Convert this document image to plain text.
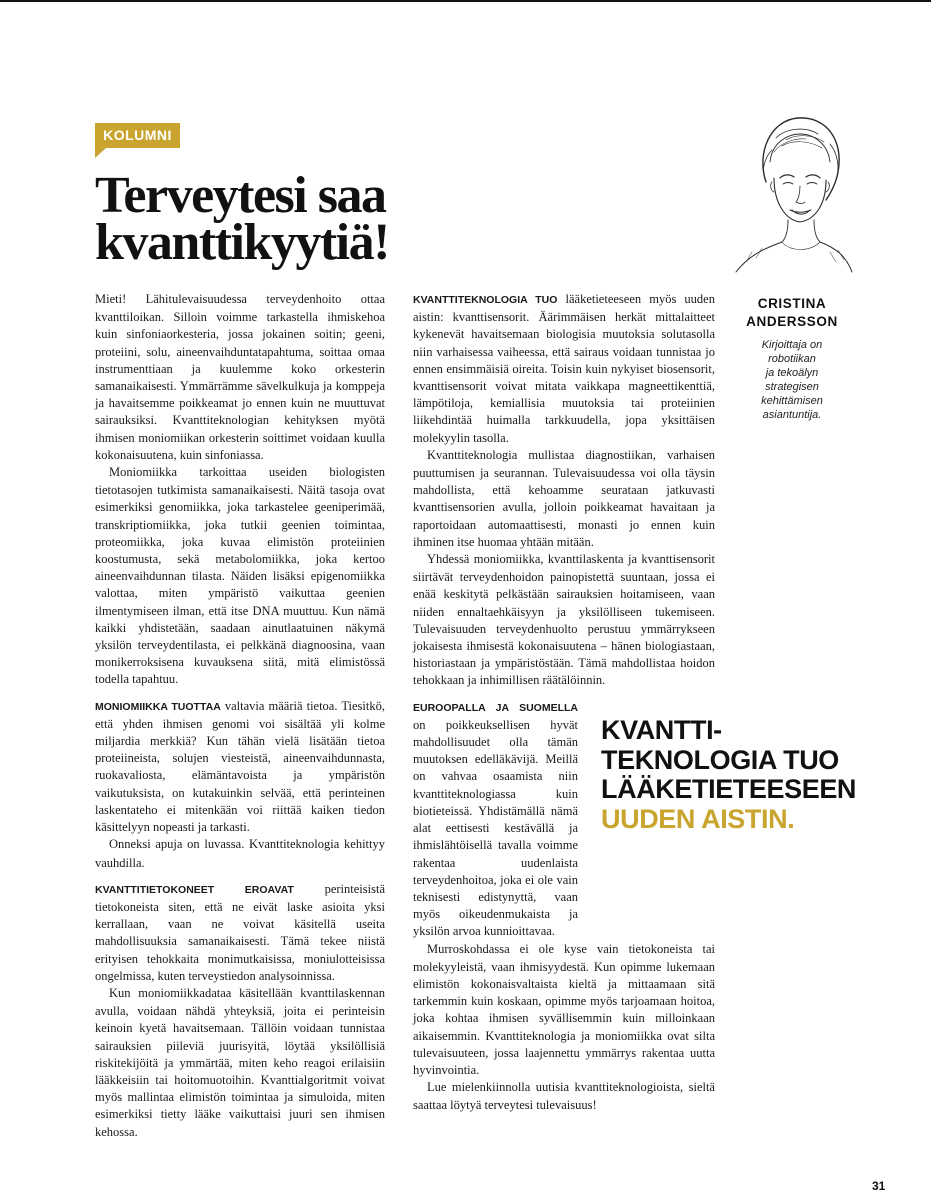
KOLUMNI
Terveytesi saa
kvanttikyytiä!
CRISTINA
ANDERSSON
Kirjoittaja on
robotiikan
ja tekoälyn
strategisen
kehittämisen
asiantuntija.

Mieti! Lähitulevaisuudessa terveydenhoito ottaa kvanttiloikan. Silloin voimme tarkastella ihmiskehoa kuin sinfoniaorkesteria, jossa jokainen soitin; geeni, proteiini, solu, aineenvaihduntatapahtuma, soittaa omaa instrumenttiaan ja kuulemme koko orkesterin samanaikaisesti. Ymmärrämme sävelkulkuja ja komppeja ja havaitsemme poikkeamat jo ennen kuin ne muuttuvat sairauksiksi. Kvanttiteknologian kehityksen myötä ihmisen moniomiikan orkesterin soittimet voidaan kuulla kokonaisuutena, kuin sinfoniassa.

Moniomiikka tarkoittaa useiden biologisten tietotasojen tutkimista samanaikaisesti. Näitä tasoja ovat esimerkiksi genomiikka, joka tarkastelee geeniperimää, transkriptiomiikka, joka tutkii geenien toimintaa, proteomiikka, joka kuvaa elimistön proteiinien koostumusta, sekä metabolomiikka, joka kertoo aineenvaihdunnan tilasta. Näiden lisäksi epigenomiikka valottaa, miten ympäristö vaikuttaa geenien ilmentymiseen ilman, että itse DNA muuttuu. Kun nämä kaikki yhdistetään, saadaan ainutlaatuinen näkymä yksilön terveydentilasta, ei pelkkänä diagnoosina, vaan monikerroksisena kuvauksena siitä, mitä elimistössä todella tapahtuu.

MONIOMIIKKA TUOTTAA valtavia määriä tietoa. Tiesitkö, että yhden ihmisen genomi voi sisältää yli kolme miljardia merkkiä? Kun tähän vielä lisätään tietoa proteiineista, solujen viesteistä, aineenvaihdunnasta, ruokavaliosta, elämäntavoista ja ympäristön vaikutuksista, on kutakuinkin selvää, että perinteinen laskentateho ei mitenkään voi riittää kaiken tiedon käsittelyyn nopeasti ja tarkasti.

Onneksi apuja on luvassa. Kvanttiteknologia kehittyy vauhdilla.

KVANTTITIETOKONEET EROAVAT perinteisistä tietokoneista siten, että ne eivät laske asioita yksi kerrallaan, vaan ne voivat käsitellä useita mahdollisuuksia samanaikaisesti. Tämä tekee niistä erityisen tehokkaita monimutkaisissa, moniulotteisissa ongelmissa, kuten terveystiedon analysoinnissa.

Kun moniomiikkadataa käsitellään kvanttilaskennan avulla, voidaan nähdä yhteyksiä, joita ei perinteisin keinoin kyetä havaitsemaan. Tällöin voidaan tunnistaa sairauksien piileviä juurisyitä, löytää yksilöllisiä riskitekijöitä ja ymmärtää, miten keho reagoi erilaisiin lääkkeisiin tai hoitomuotoihin. Kvanttialgoritmit voivat myös mallintaa elimistön toimintaa ja simuloida, miten esimerkiksi tietty lääke vaikuttaisi juuri sen ihmisen kehossa.

KVANTTITEKNOLOGIA TUO lääketieteeseen myös uuden aistin: kvanttisensorit. Äärimmäisen herkät mittalaitteet kykenevät havaitsemaan biologisia muutoksia solutasolla niin varhaisessa vaiheessa, että sairaus voidaan tunnistaa jo ennen ensimmäisiä oireita. Toisin kuin nykyiset biosensorit, kvanttisensorit voivat mitata vaikkapa magneettikenttiä, lämpötiloja, kemiallisia muutoksia tai proteiinien liikehdintää huimalla tarkkuudella, jopa yksittäisen molekyylin tasolla.

Kvanttiteknologia mullistaa diagnostiikan, varhaisen puuttumisen ja seurannan. Tulevaisuudessa voi olla täysin mahdollista, että kehoamme seurataan jatkuvasti kvanttisensorien avulla, jolloin poikkeamat havaitaan ja raportoidaan automaattisesti, monasti jo ennen kuin ihminen itse huomaa yhtään mitään.

Yhdessä moniomiikka, kvanttilaskenta ja kvanttisensorit siirtävät terveydenhoidon painopistettä suuntaan, jossa ei enää keskitytä pelkästään sairauksien hoitamiseen, vaan niiden ennaltaehkäisyyn ja yksilölliseen tukemiseen. Tulevaisuuden terveydenhuolto perustuu ymmärrykseen jokaisesta ihmisestä kokonaisuutena – hänen biologiastaan, historiastaan ja ympäristöstään. Tämä mahdollistaa hoidon tehokkaan ja inhimillisen räätälöinnin.

EUROOPALLA JA SUOMELLA on poikkeuksellisen hyvät mahdollisuudet olla tämän muutoksen edelläkävijä. Meillä on vahvaa osaamista niin kvanttiteknologiassa kuin biotieteissä. Yhdistämällä nämä alat eettisesti kestävällä ja ihmislähtöisellä tavalla voimme rakentaa uudenlaista terveydenhoitoa, joka ei ole vain teknisesti edistynyttä, vaan myös oikeudenmukaista ja yksilön arvoa kunnioittavaa.

Murroskohdassa ei ole kyse vain tietokoneista tai molekyyleistä, vaan ihmisyydestä. Kun opimme lukemaan elimistön kokonaisvaltaista kieltä ja mittaamaan sitä tarkemmin kuin koskaan, opimme myös tarjoamaan hoitoa, joka kohtaa ihmisen syvällisemmin kuin milloinkaan aikaisemmin. Kvanttiteknologia ja moniomiikka ovat silta tulevaisuuteen, jossa laajennettu ymmärrys rakentaa uutta hyvinvointia.

Lue mielenkiinnolla uutisia kvanttiteknologioista, sieltä saattaa löytyä terveytesi tulevaisuus!

KVANTTI-
TEKNOLOGIA TUO
LÄÄKETIETEESEEN
UUDEN AISTIN.
31
